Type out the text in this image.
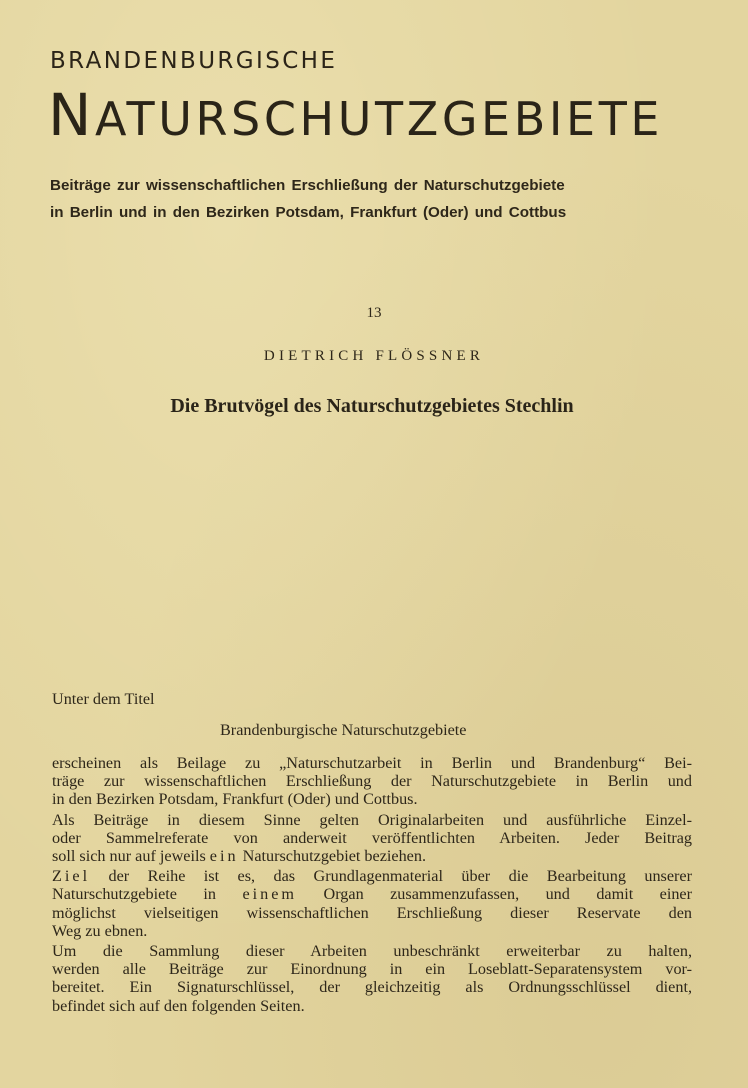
BRANDENBURGISCHE
NATURSCHUTZGEBIETE
Beiträge zur wissenschaftlichen Erschließung der Naturschutzgebiete
in Berlin und in den Bezirken Potsdam, Frankfurt (Oder) und Cottbus
13
DIETRICH FLÖSSNER
Die Brutvögel des Naturschutzgebietes Stechlin
Unter dem Titel
Brandenburgische Naturschutzgebiete
erscheinen als Beilage zu „Naturschutzarbeit in Berlin und Brandenburg“ Bei-
träge zur wissenschaftlichen Erschließung der Naturschutzgebiete in Berlin und
in den Bezirken Potsdam, Frankfurt (Oder) und Cottbus.
Als Beiträge in diesem Sinne gelten Originalarbeiten und ausführliche Einzel-
oder Sammelreferate von anderweit veröffentlichten Arbeiten. Jeder Beitrag
soll sich nur auf jeweils ein Naturschutzgebiet beziehen.
Ziel der Reihe ist es, das Grundlagenmaterial über die Bearbeitung unserer
Naturschutzgebiete in einem Organ zusammenzufassen, und damit einer
möglichst vielseitigen wissenschaftlichen Erschließung dieser Reservate den
Weg zu ebnen.
Um die Sammlung dieser Arbeiten unbeschränkt erweiterbar zu halten,
werden alle Beiträge zur Einordnung in ein Loseblatt-Separatensystem vor-
bereitet. Ein Signaturschlüssel, der gleichzeitig als Ordnungsschlüssel dient,
befindet sich auf den folgenden Seiten.
